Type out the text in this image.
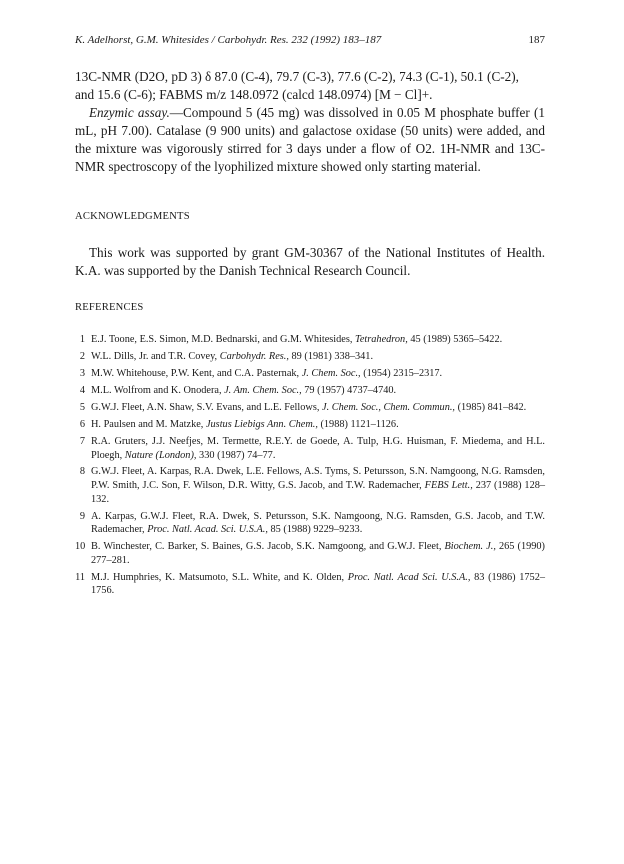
K. Adelhorst, G.M. Whitesides / Carbohydr. Res. 232 (1992) 183–187	187
13C-NMR (D2O, pD 3) δ 87.0 (C-4), 79.7 (C-3), 77.6 (C-2), 74.3 (C-1), 50.1 (C-2),
and 15.6 (C-6); FABMS m/z 148.0972 (calcd 148.0974) [M − Cl]+.
Enzymic assay.—Compound 5 (45 mg) was dissolved in 0.05 M phosphate buffer (1 mL, pH 7.00). Catalase (9 900 units) and galactose oxidase (50 units) were added, and the mixture was vigorously stirred for 3 days under a flow of O2. 1H-NMR and 13C-NMR spectroscopy of the lyophilized mixture showed only starting material.
ACKNOWLEDGMENTS
This work was supported by grant GM-30367 of the National Institutes of Health. K.A. was supported by the Danish Technical Research Council.
REFERENCES
1 E.J. Toone, E.S. Simon, M.D. Bednarski, and G.M. Whitesides, Tetrahedron, 45 (1989) 5365–5422.
2 W.L. Dills, Jr. and T.R. Covey, Carbohydr. Res., 89 (1981) 338–341.
3 M.W. Whitehouse, P.W. Kent, and C.A. Pasternak, J. Chem. Soc., (1954) 2315–2317.
4 M.L. Wolfrom and K. Onodera, J. Am. Chem. Soc., 79 (1957) 4737–4740.
5 G.W.J. Fleet, A.N. Shaw, S.V. Evans, and L.E. Fellows, J. Chem. Soc., Chem. Commun., (1985) 841–842.
6 H. Paulsen and M. Matzke, Justus Liebigs Ann. Chem., (1988) 1121–1126.
7 R.A. Gruters, J.J. Neefjes, M. Termette, R.E.Y. de Goede, A. Tulp, H.G. Huisman, F. Miedema, and H.L. Ploegh, Nature (London), 330 (1987) 74–77.
8 G.W.J. Fleet, A. Karpas, R.A. Dwek, L.E. Fellows, A.S. Tyms, S. Petursson, S.N. Namgoong, N.G. Ramsden, P.W. Smith, J.C. Son, F. Wilson, D.R. Witty, G.S. Jacob, and T.W. Rademacher, FEBS Lett., 237 (1988) 128–132.
9 A. Karpas, G.W.J. Fleet, R.A. Dwek, S. Petursson, S.K. Namgoong, N.G. Ramsden, G.S. Jacob, and T.W. Rademacher, Proc. Natl. Acad. Sci. U.S.A., 85 (1988) 9229–9233.
10 B. Winchester, C. Barker, S. Baines, G.S. Jacob, S.K. Namgoong, and G.W.J. Fleet, Biochem. J., 265 (1990) 277–281.
11 M.J. Humphries, K. Matsumoto, S.L. White, and K. Olden, Proc. Natl. Acad Sci. U.S.A., 83 (1986) 1752–1756.
